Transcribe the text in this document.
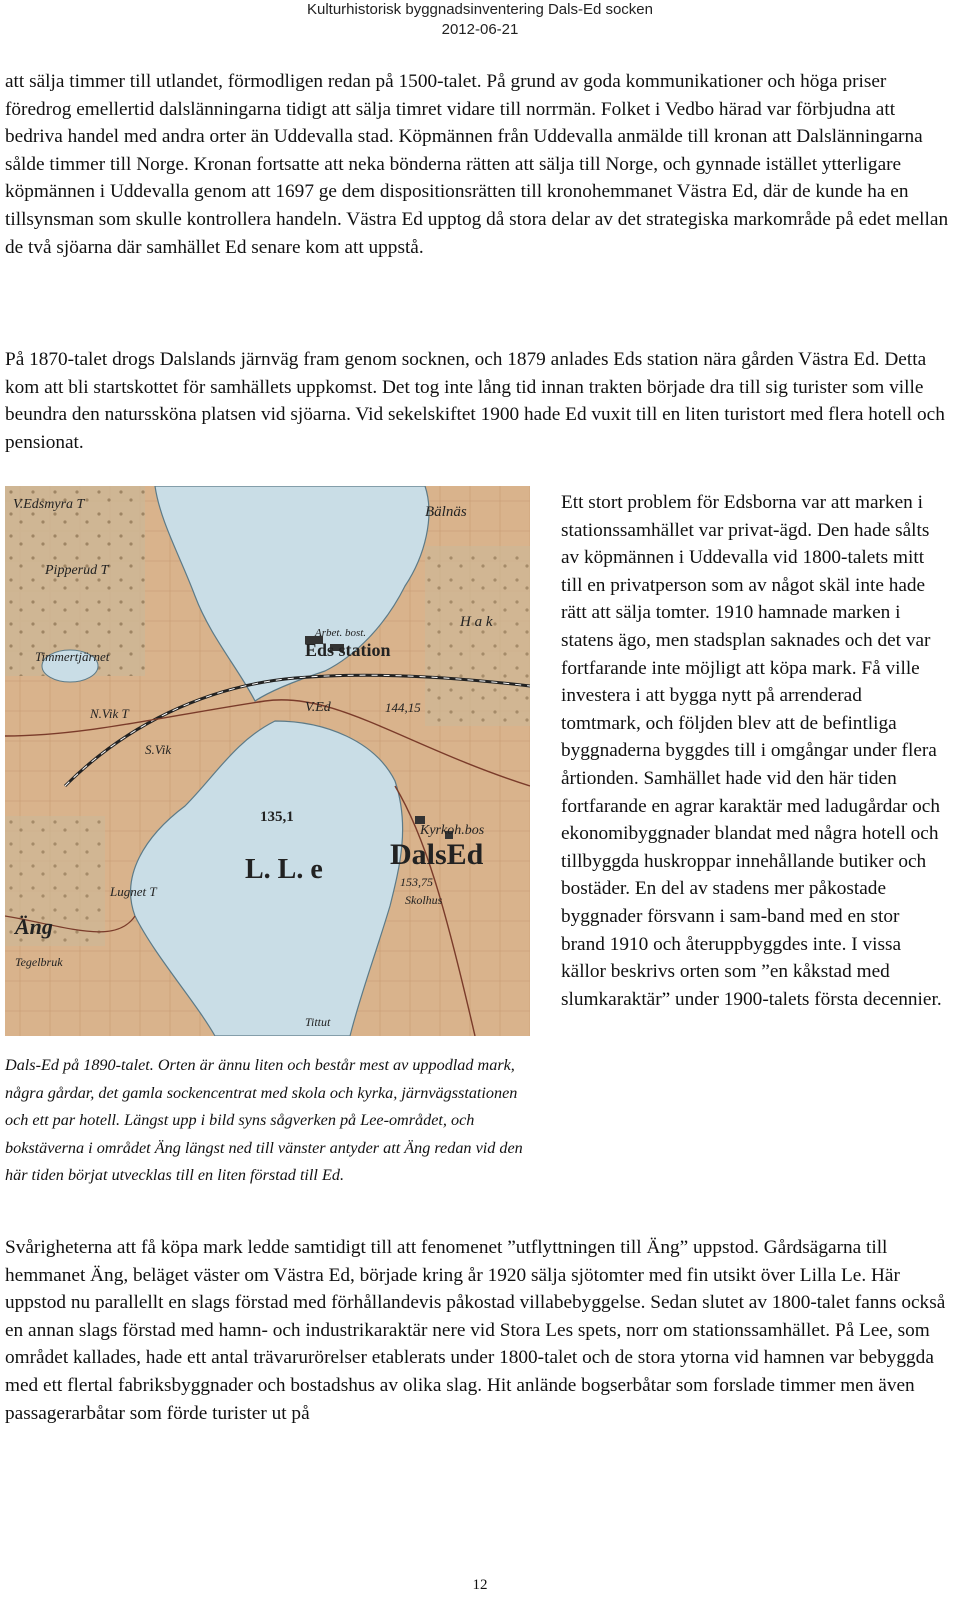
Kulturhistorisk byggnadsinventering Dals-Ed socken
2012-06-21

att sälja timmer till utlandet, förmodligen redan på 1500-talet. På grund av goda kommunikationer och höga priser föredrog emellertid dalslänningarna tidigt att sälja timret vidare till norrmän. Folket i Vedbo härad var förbjudna att bedriva handel med andra orter än Uddevalla stad. Köpmännen från Uddevalla anmälde till kronan att Dalslänningarna sålde timmer till Norge. Kronan fortsatte att neka bönderna rätten att sälja till Norge, och gynnade istället ytterligare köpmännen i Uddevalla genom att 1697 ge dem dispositionsrätten till kronohemmanet Västra Ed, där de kunde ha en tillsynsman som skulle kontrollera handeln. Västra Ed upptog då stora delar av det strategiska markområde på edet mellan de två sjöarna där samhället Ed senare kom att uppstå.

På 1870-talet drogs Dalslands järnväg fram genom socknen, och 1879 anlades Eds station nära gården Västra Ed. Detta kom att bli startskottet för samhällets uppkomst. Det tog inte lång tid innan trakten började dra till sig turister som ville beundra den naturssköna platsen vid sjöarna. Vid sekelskiftet 1900 hade Ed vuxit till en liten turistort med flera hotell och pensionat.

V.Edsmyra T	Bälnäs
Pipperud T
H a k
Arbet. bost.
Eds station
Timmertjärnet
V.Ed	144,15
N.Vik T
S.Vik
135,1
Kyrkoh.bos
DalsEd
L. L. e	153,75
Skolhus
Lugnet T
Äng
Tegelbruk
Tittut

Dals-Ed på 1890-talet. Orten är ännu liten och består mest av uppodlad mark, några gårdar, det gamla sockencentrat med skola och kyrka, järnvägsstationen och ett par hotell. Längst upp i bild syns sågverken på Lee-området, och bokstäverna i området Äng längst ned till vänster antyder att Äng redan vid den här tiden börjat utvecklas till en liten förstad till Ed.

Ett stort problem för Edsborna var att marken i stationssamhället var privat-ägd. Den hade sålts av köpmännen i Uddevalla vid 1800-talets mitt till en privatperson som av något skäl inte hade rätt att sälja tomter. 1910 hamnade marken i statens ägo, men stadsplan saknades och det var fortfarande inte möjligt att köpa mark. Få ville investera i att bygga nytt på arrenderad tomtmark, och följden blev att de befintliga byggnaderna byggdes till i omgångar under flera årtionden. Samhället hade vid den här tiden fortfarande en agrar karaktär med ladugårdar och ekonomibyggnader blandat med några hotell och tillbyggda huskroppar innehållande butiker och bostäder. En del av stadens mer påkostade byggnader försvann i sam-band med en stor brand 1910 och återuppbyggdes inte. I vissa källor beskrivs orten som ”en kåkstad med slumkaraktär” under 1900-talets första decennier.

Svårigheterna att få köpa mark ledde samtidigt till att fenomenet ”utflyttningen till Äng” uppstod. Gårdsägarna till hemmanet Äng, beläget väster om Västra Ed, började kring år 1920 sälja sjötomter med fin utsikt över Lilla Le. Här uppstod nu parallellt en slags förstad med förhållandevis påkostad villabebyggelse. Sedan slutet av 1800-talet fanns också en annan slags förstad med hamn- och industrikaraktär nere vid Stora Les spets, norr om stationssamhället. På Lee, som området kallades, hade ett antal trävarurörelser etablerats under 1800-talet och de stora ytorna vid hamnen var bebyggda med ett flertal fabriksbyggnader och bostadshus av olika slag. Hit anlände bogserbåtar som forslade timmer men även passagerarbåtar som förde turister ut på

12
